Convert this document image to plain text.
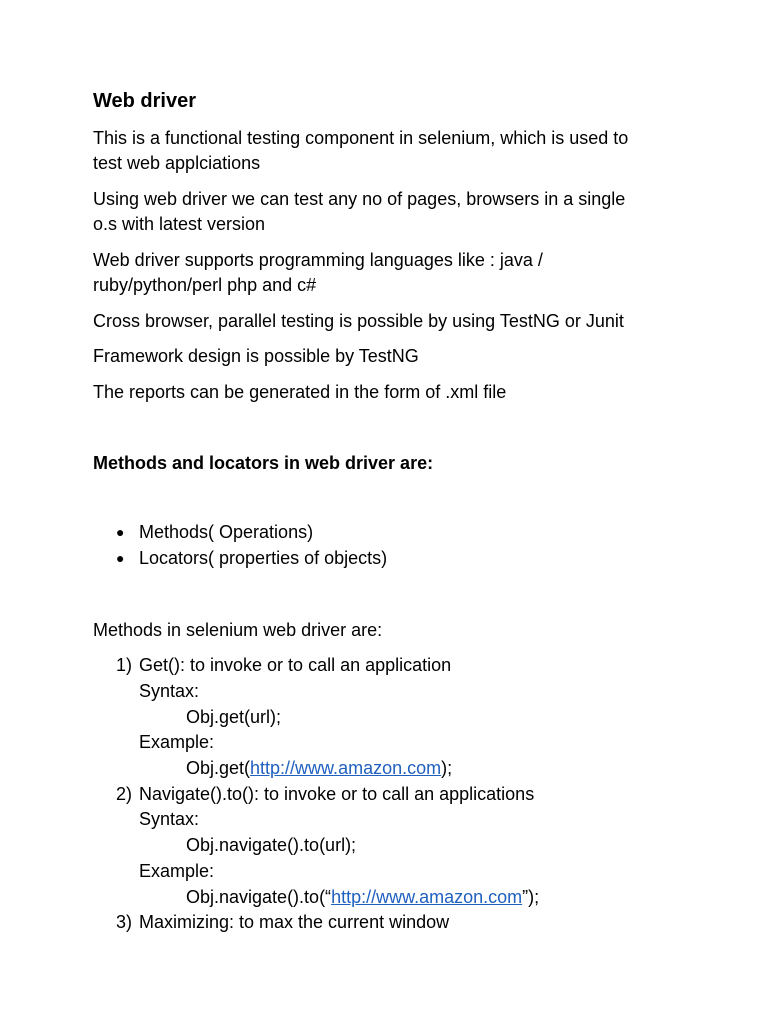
Web driver
This is a functional testing component in selenium, which is used to
test web applciations
Using web driver we can test any no of pages, browsers in a single
o.s with latest version
Web driver supports programming languages like : java /
ruby/python/perl php and c#
Cross browser, parallel testing is possible by using TestNG or Junit
Framework design is possible by TestNG
The reports can be generated in the form of .xml file
Methods and locators in web driver are:
● Methods( Operations)
● Locators( properties of objects)
Methods in selenium web driver are:
1) Get(): to invoke or to call an application
Syntax:
Obj.get(url);
Example:
Obj.get(http://www.amazon.com);
2) Navigate().to(): to invoke or to call an applications
Syntax:
Obj.navigate().to(url);
Example:
Obj.navigate().to(“http://www.amazon.com”);
3) Maximizing: to max the current window
